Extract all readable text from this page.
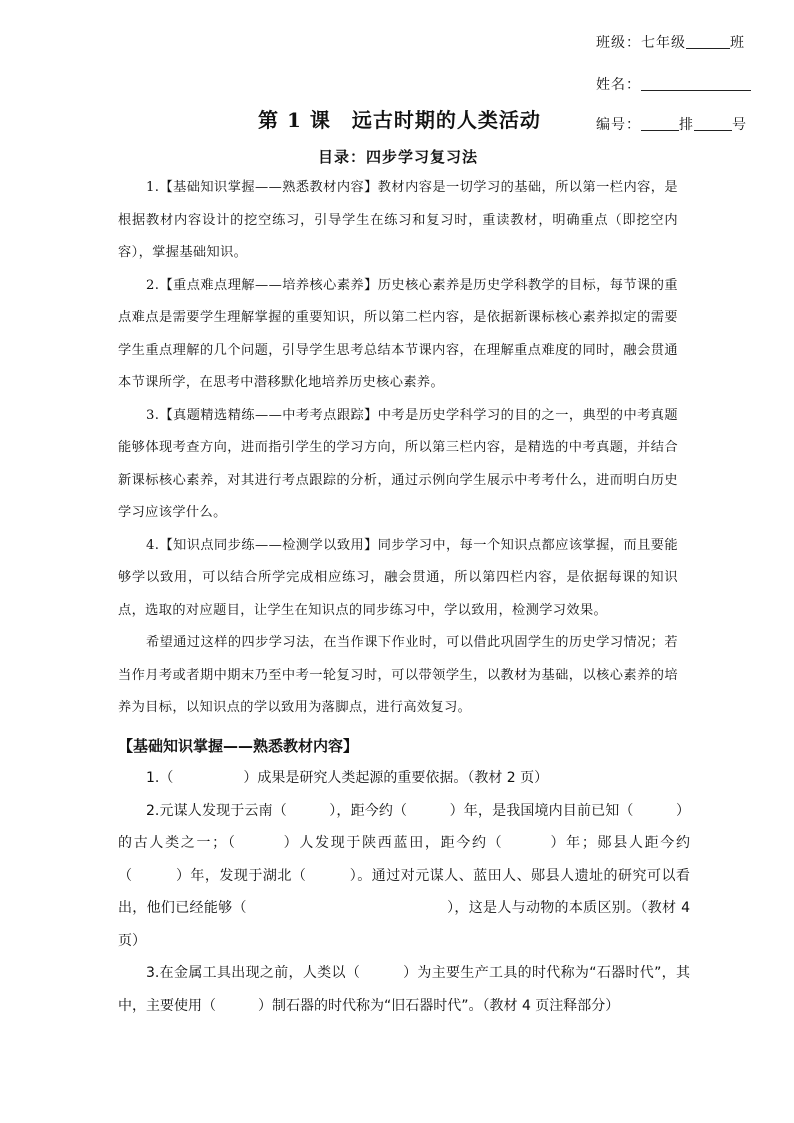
班级：七年级	班
姓名：
编号：	排	号
第 1 课　远古时期的人类活动
目录：四步学习复习法

1.【基础知识掌握——熟悉教材内容】教材内容是一切学习的基础，所以第一栏内容，是根据教材内容设计的挖空练习，引导学生在练习和复习时，重读教材，明确重点（即挖空内容），掌握基础知识。

2.【重点难点理解——培养核心素养】历史核心素养是历史学科教学的目标，每节课的重点难点是需要学生理解掌握的重要知识，所以第二栏内容，是依据新课标核心素养拟定的需要学生重点理解的几个问题，引导学生思考总结本节课内容，在理解重点难度的同时，融会贯通本节课所学，在思考中潜移默化地培养历史核心素养。

3.【真题精选精练——中考考点跟踪】中考是历史学科学习的目的之一，典型的中考真题能够体现考查方向，进而指引学生的学习方向，所以第三栏内容，是精选的中考真题，并结合新课标核心素养，对其进行考点跟踪的分析，通过示例向学生展示中考考什么，进而明白历史学习应该学什么。

4.【知识点同步练——检测学以致用】同步学习中，每一个知识点都应该掌握，而且要能够学以致用，可以结合所学完成相应练习，融会贯通，所以第四栏内容，是依据每课的知识点，选取的对应题目，让学生在知识点的同步练习中，学以致用，检测学习效果。

希望通过这样的四步学习法，在当作课下作业时，可以借此巩固学生的历史学习情况；若当作月考或者期中期末乃至中考一轮复习时，可以带领学生，以教材为基础，以核心素养的培养为目标，以知识点的学以致用为落脚点，进行高效复习。

【基础知识掌握——熟悉教材内容】

1.（　　　　　）成果是研究人类起源的重要依据。（教材 2 页）

2.元谋人发现于云南（　　　），距今约（　　　）年，是我国境内目前已知（　　　）的古人类之一；（　　　）人发现于陕西蓝田，距今约（　　　）年；郧县人距今约（　　　）年，发现于湖北（　　　）。通过对元谋人、蓝田人、郧县人遗址的研究可以看出，他们已经能够（　　　　　　　　　　　　　　），这是人与动物的本质区别。（教材 4 页）

3.在金属工具出现之前，人类以（　　　）为主要生产工具的时代称为“石器时代”，其中，主要使用（　　　）制石器的时代称为“旧石器时代”。（教材 4 页注释部分）
